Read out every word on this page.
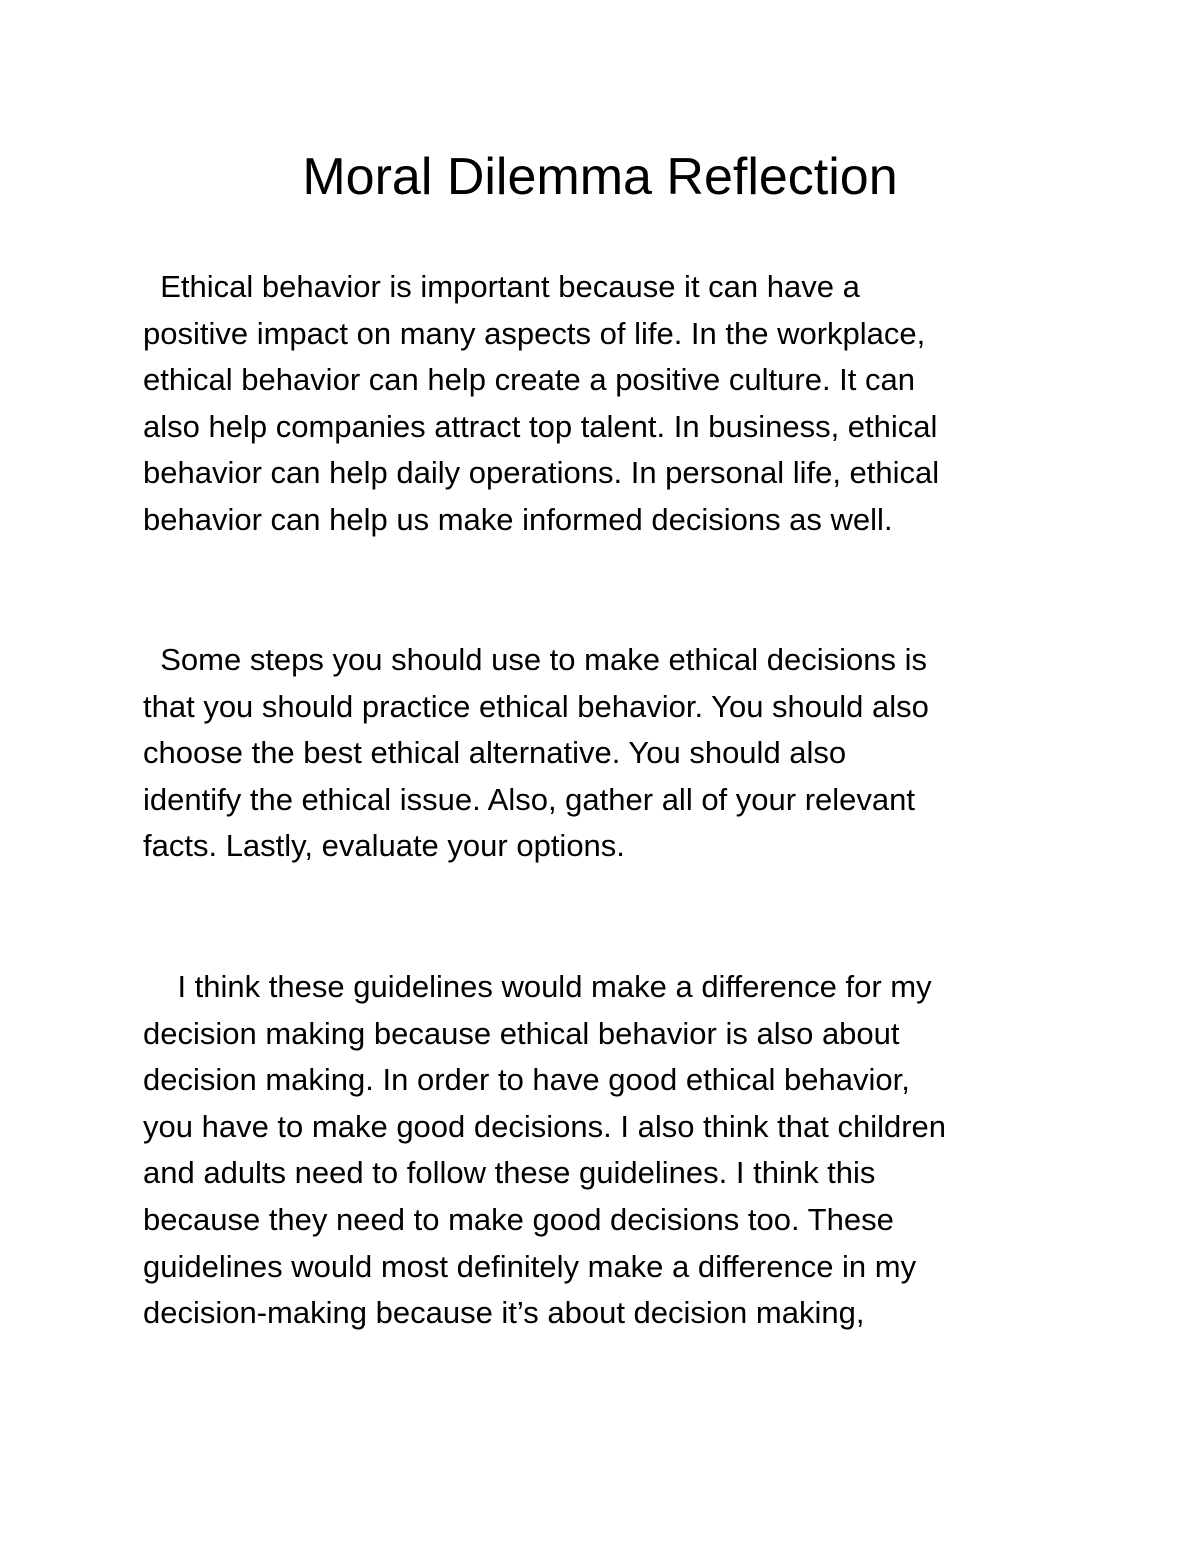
Moral Dilemma Reflection

Ethical behavior is important because it can have a
positive impact on many aspects of life. In the workplace,
ethical behavior can help create a positive culture. It can
also help companies attract top talent. In business, ethical
behavior can help daily operations. In personal life, ethical
behavior can help us make informed decisions as well.

Some steps you should use to make ethical decisions is
that you should practice ethical behavior. You should also
choose the best ethical alternative. You should also
identify the ethical issue. Also, gather all of your relevant
facts. Lastly, evaluate your options.

I think these guidelines would make a difference for my
decision making because ethical behavior is also about
decision making. In order to have good ethical behavior,
you have to make good decisions. I also think that children
and adults need to follow these guidelines. I think this
because they need to make good decisions too. These
guidelines would most definitely make a difference in my
decision-making because it’s about decision making,
